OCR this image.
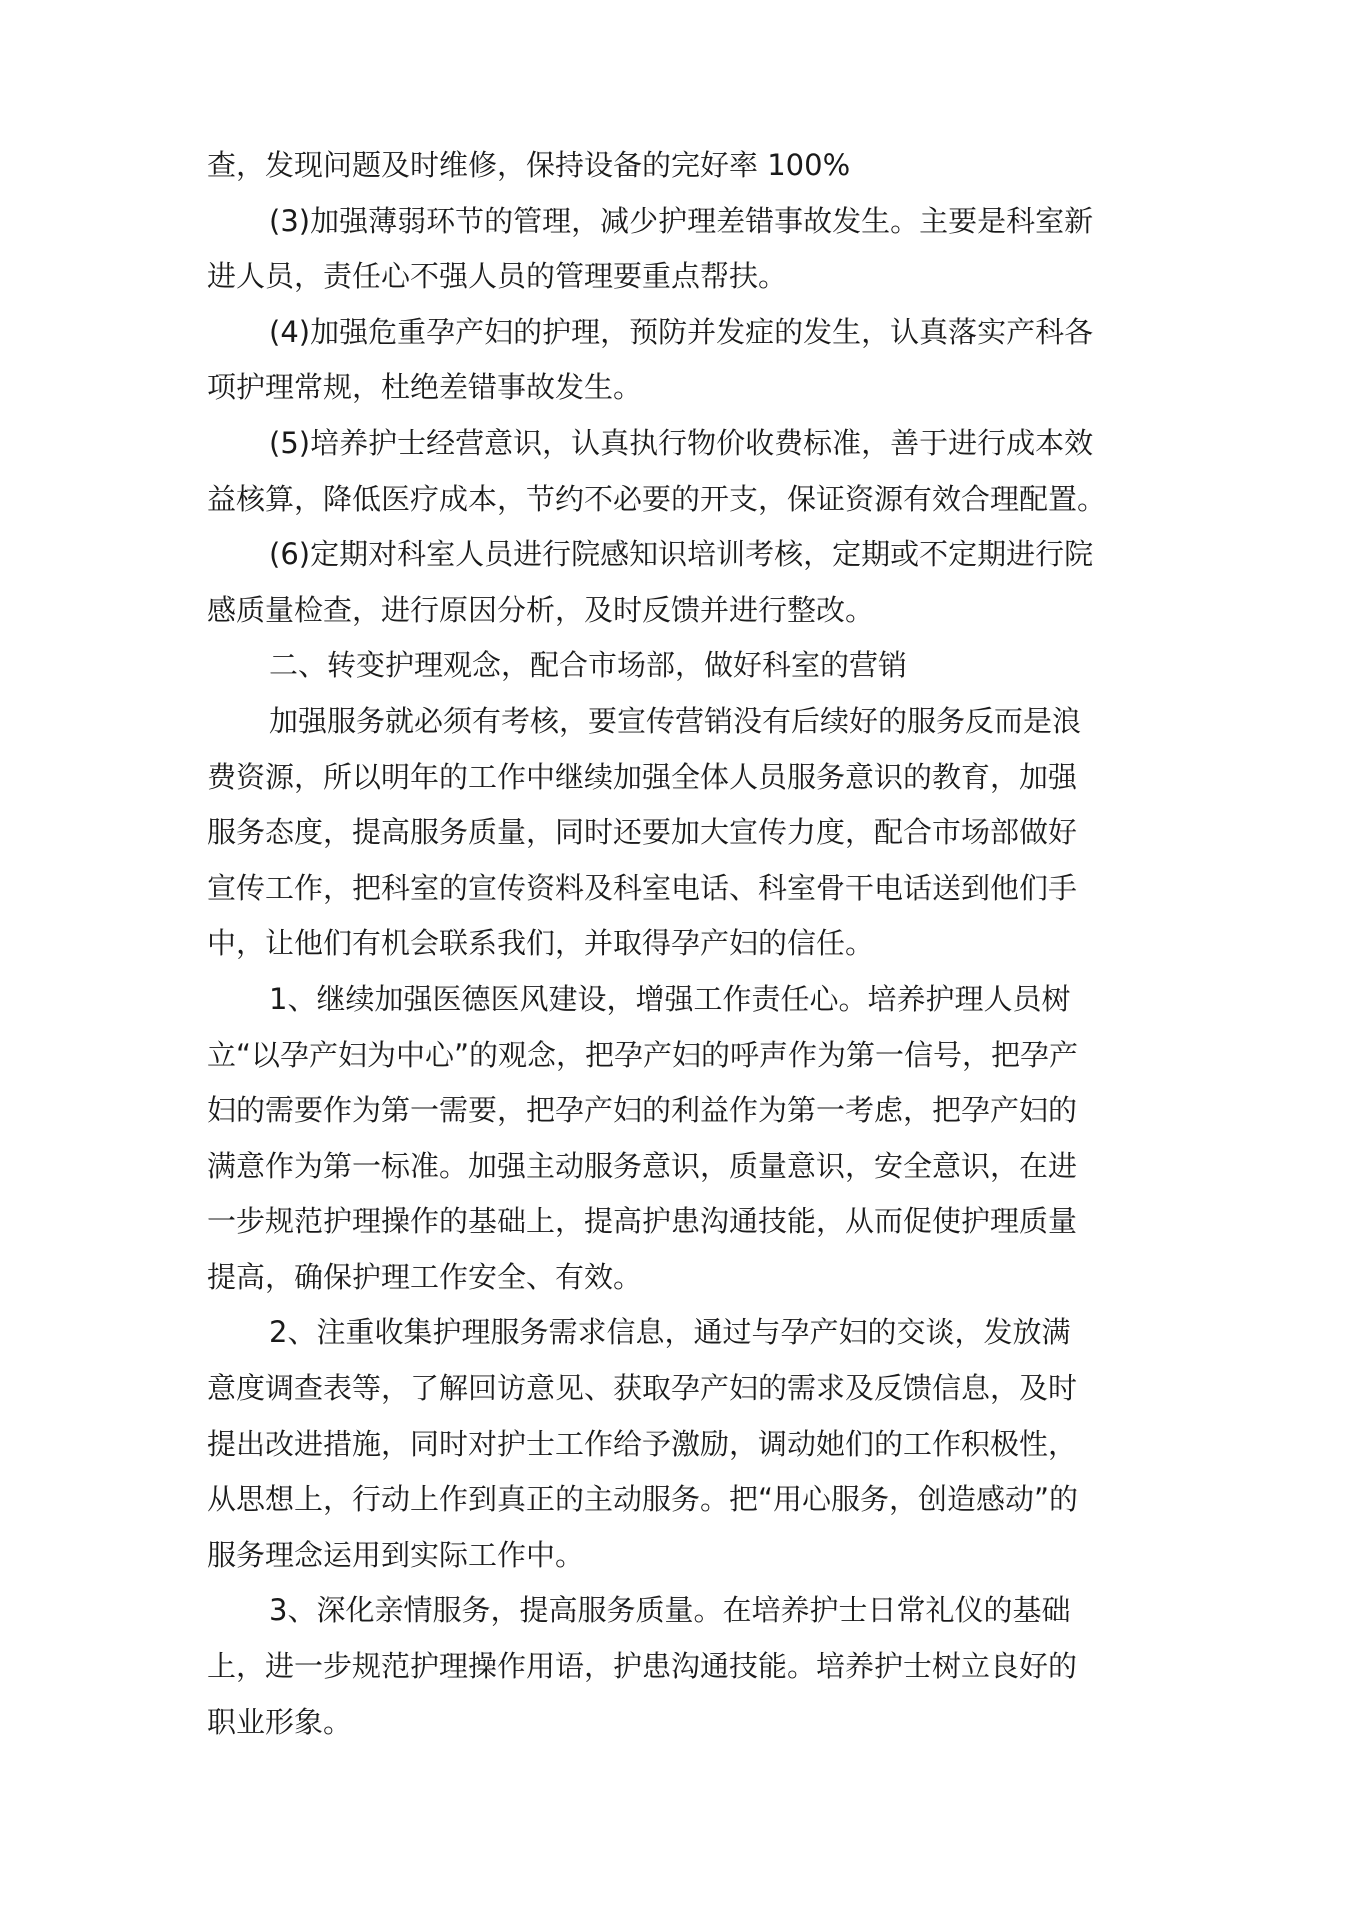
查，发现问题及时维修，保持设备的完好率 100%
(3)加强薄弱环节的管理，减少护理差错事故发生。主要是科室新
进人员，责任心不强人员的管理要重点帮扶。
(4)加强危重孕产妇的护理，预防并发症的发生，认真落实产科各
项护理常规，杜绝差错事故发生。
(5)培养护士经营意识，认真执行物价收费标准，善于进行成本效
益核算，降低医疗成本，节约不必要的开支，保证资源有效合理配置。
(6)定期对科室人员进行院感知识培训考核，定期或不定期进行院
感质量检查，进行原因分析，及时反馈并进行整改。
二、转变护理观念，配合市场部，做好科室的营销
加强服务就必须有考核，要宣传营销没有后续好的服务反而是浪
费资源，所以明年的工作中继续加强全体人员服务意识的教育，加强
服务态度，提高服务质量，同时还要加大宣传力度，配合市场部做好
宣传工作，把科室的宣传资料及科室电话、科室骨干电话送到他们手
中，让他们有机会联系我们，并取得孕产妇的信任。
1、继续加强医德医风建设，增强工作责任心。培养护理人员树
立“以孕产妇为中心”的观念，把孕产妇的呼声作为第一信号，把孕产
妇的需要作为第一需要，把孕产妇的利益作为第一考虑，把孕产妇的
满意作为第一标准。加强主动服务意识，质量意识，安全意识，在进
一步规范护理操作的基础上，提高护患沟通技能，从而促使护理质量
提高，确保护理工作安全、有效。
2、注重收集护理服务需求信息，通过与孕产妇的交谈，发放满
意度调查表等，了解回访意见、获取孕产妇的需求及反馈信息，及时
提出改进措施，同时对护士工作给予激励，调动她们的工作积极性，
从思想上，行动上作到真正的主动服务。把“用心服务，创造感动”的
服务理念运用到实际工作中。
3、深化亲情服务，提高服务质量。在培养护士日常礼仪的基础
上，进一步规范护理操作用语，护患沟通技能。培养护士树立良好的
职业形象。
